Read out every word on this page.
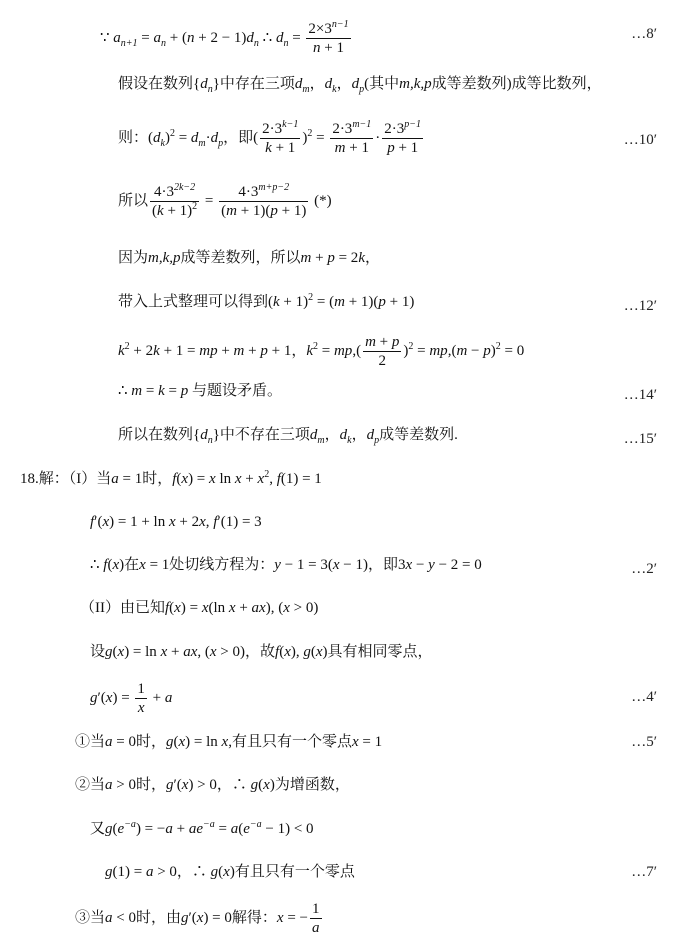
∵ $a_{n+1} = a_n + (n + 2 - 1)d_n$ ∴ $d_n = \frac{2\times 3^{n-1}}{n + 1}$	…8′
假设在数列$\{d_n\}$中存在三项$d_m$，$d_k$，$d_p$(其中m,k,p成等差数列)成等比数列，
则：$(d_k)^2 = d_m\cdot d_p$，即( $\frac{2\cdot 3^{k-1}}{k + 1} )^2 = \frac{2\cdot 3^{m-1}}{m + 1} \cdot \frac{2\cdot 3^{p-1}}{p + 1}$	…10′
所以 $\frac{4\cdot 3^{2k-2}}{(k + 1)^2} = \frac{4\cdot 3^{m+p-2}}{(m + 1)(p + 1)}$ (*)
因为m,k,p成等差数列，所以m + p = 2k，
带入上式整理可以得到$(k + 1)^2 = (m + 1)(p + 1)$	…12′
$k^2 + 2k + 1$ = mp + m + p + 1，$k^2 = mp,( \frac{m + p}{2} )^2 = mp,(m - p)^2 = 0$
∴ m = k = p 与题设矛盾。	…14′
所以在数列$\{d_n\}$中不存在三项$d_m$，$d_k$，$d_p$成等差数列.	…15′
18.解：（I）当a = 1时，f(x) = x $\ln x + x^2$, f(1) = 1
f′(x) = 1 + ln x + 2x, f′(1) = 3
∴ f(x)在x = 1处切线方程为：y − 1 = 3(x − 1)，即3x − y − 2 = 0	…2′
（II）由已知f(x) = x(ln x + ax), (x > 0)
设g(x) = ln x + ax, (x > 0)，故f(x), g(x)具有相同零点，
$g'(x) = \frac{1}{x} + a$	…4′
①当a = 0时，g(x) = ln x,有且只有一个零点x = 1	…5′
②当a > 0时，g′(x) > 0，∴ g(x)为增函数，
又$g(e^{-a}) = -a + ae^{-a} = a(e^{-a} - 1) < 0$
g(1) = a > 0，∴ g(x)有且只有一个零点	…7′
③当a < 0时，由g′(x) = 0解得：x = − $\frac{1}{a}$
